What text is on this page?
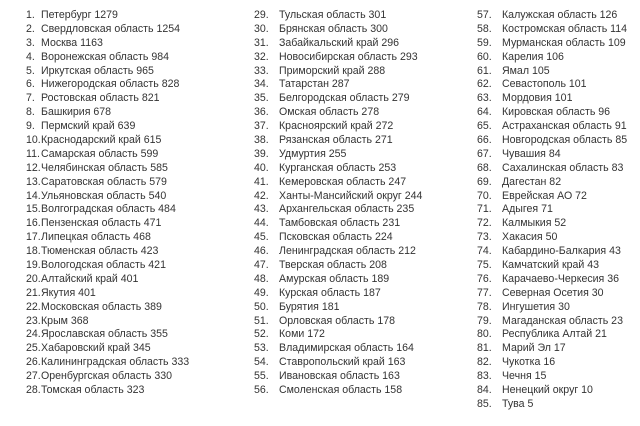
1. Петербург 1279
2. Свердловская область 1254
3. Москва 1163
4. Воронежская область 984
5. Иркутская область 965
6. Нижегородская область 828
7. Ростовская область 821
8. Башкирия 678
9. Пермский край 639
10. Краснодарский край 615
11. Самарская область 599
12. Челябинская область 585
13. Саратовская область 579
14. Ульяновская область 540
15. Волгоградская область 484
16. Пензенская область 471
17. Липецкая область 468
18. Тюменская область 423
19. Вологодская область 421
20. Алтайский край 401
21. Якутия 401
22. Московская область 389
23. Крым 368
24. Ярославская область 355
25. Хабаровский край 345
26. Калининградская область 333
27. Оренбургская область 330
28. Томская область 323
29. Тульская область 301
30. Брянская область 300
31. Забайкальский край 296
32. Новосибирская область 293
33. Приморский край 288
34. Татарстан 287
35. Белгородская область 279
36. Омская область 278
37. Красноярский край 272
38. Рязанская область 271
39. Удмуртия 255
40. Курганская область 253
41. Кемеровская область 247
42. Ханты-Мансийский округ 244
43. Архангельская область 235
44. Тамбовская область 231
45. Псковская область 224
46. Ленинградская область 212
47. Тверская область 208
48. Амурская область 189
49. Курская область 187
50. Бурятия 181
51. Орловская область 178
52. Коми 172
53. Владимирская область 164
54. Ставропольский край 163
55. Ивановская область 163
56. Смоленская область 158
57. Калужская область 126
58. Костромская область 114
59. Мурманская область 109
60. Карелия 106
61. Ямал 105
62. Севастополь 101
63. Мордовия 101
64. Кировская область 96
65. Астраханская область 91
66. Новгородская область 85
67. Чувашия 84
68. Сахалинская область 83
69. Дагестан 82
70. Еврейская АО 72
71. Адыгея 71
72. Калмыкия 52
73. Хакасия 50
74. Кабардино-Балкария 43
75. Камчатский край 43
76. Карачаево-Черкесия 36
77. Северная Осетия 30
78. Ингушетия 30
79. Магаданская область 23
80. Республика Алтай 21
81. Марий Эл 17
82. Чукотка 16
83. Чечня 15
84. Ненецкий округ 10
85. Тува 5
